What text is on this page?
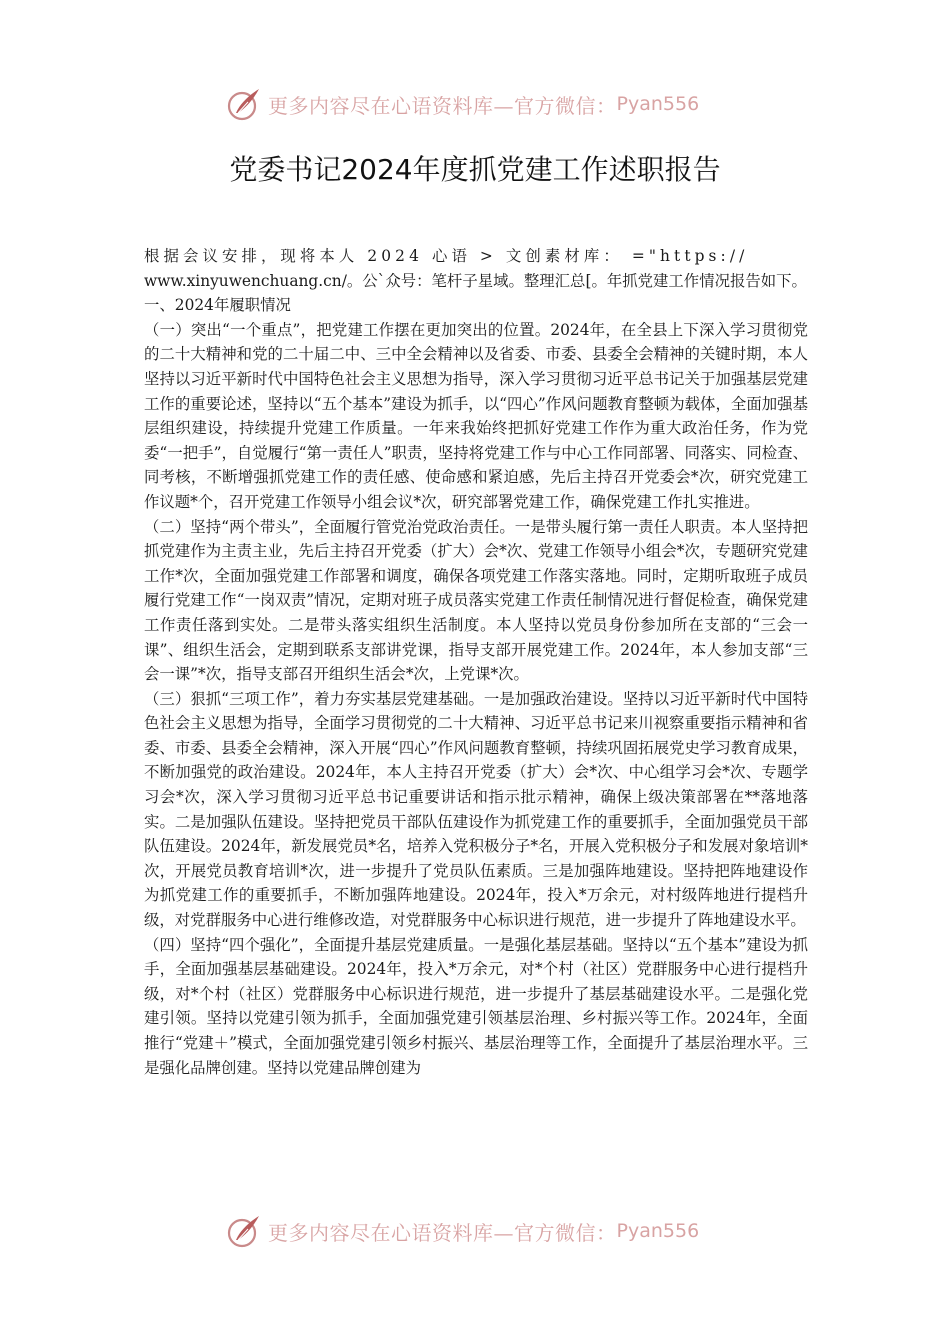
更多内容尽在心语资料库—官方微信： Pyan556
党委书记2024年度抓党建工作述职报告

根据会议安排，现将本人 2024 心语 > 文创素材库： ="https://

www.xinyuwenchuang.cn/。公`众号：笔杆子星域。整理汇总[。年抓党建工作情况报告如下。

一、2024年履职情况

（一）突出“一个重点”，把党建工作摆在更加突出的位置。2024年，在全县上下深入学习贯彻党的二十大精神和党的二十届二中、三中全会精神以及省委、市委、县委全会精神的关键时期，本人坚持以习近平新时代中国特色社会主义思想为指导，深入学习贯彻习近平总书记关于加强基层党建工作的重要论述，坚持以“五个基本”建设为抓手，以“四心”作风问题教育整顿为载体，全面加强基层组织建设，持续提升党建工作质量。一年来我始终把抓好党建工作作为重大政治任务，作为党委“一把手”，自觉履行“第一责任人”职责，坚持将党建工作与中心工作同部署、同落实、同检查、同考核，不断增强抓党建工作的责任感、使命感和紧迫感，先后主持召开党委会*次，研究党建工作议题*个，召开党建工作领导小组会议*次，研究部署党建工作，确保党建工作扎实推进。

（二）坚持“两个带头”，全面履行管党治党政治责任。一是带头履行第一责任人职责。本人坚持把抓党建作为主责主业，先后主持召开党委（扩大）会*次、党建工作领导小组会*次，专题研究党建工作*次，全面加强党建工作部署和调度，确保各项党建工作落实落地。同时，定期听取班子成员履行党建工作“一岗双责”情况，定期对班子成员落实党建工作责任制情况进行督促检查，确保党建工作责任落到实处。二是带头落实组织生活制度。本人坚持以党员身份参加所在支部的“三会一课”、组织生活会，定期到联系支部讲党课，指导支部开展党建工作。2024年，本人参加支部“三会一课”*次，指导支部召开组织生活会*次，上党课*次。

（三）狠抓“三项工作”，着力夯实基层党建基础。一是加强政治建设。坚持以习近平新时代中国特色社会主义思想为指导，全面学习贯彻党的二十大精神、习近平总书记来川视察重要指示精神和省委、市委、县委全会精神，深入开展“四心”作风问题教育整顿，持续巩固拓展党史学习教育成果，不断加强党的政治建设。2024年，本人主持召开党委（扩大）会*次、中心组学习会*次、专题学习会*次，深入学习贯彻习近平总书记重要讲话和指示批示精神，确保上级决策部署在**落地落实。二是加强队伍建设。坚持把党员干部队伍建设作为抓党建工作的重要抓手，全面加强党员干部队伍建设。2024年，新发展党员*名，培养入党积极分子*名，开展入党积极分子和发展对象培训*次，开展党员教育培训*次，进一步提升了党员队伍素质。三是加强阵地建设。坚持把阵地建设作为抓党建工作的重要抓手，不断加强阵地建设。2024年，投入*万余元，对村级阵地进行提档升级，对党群服务中心进行维修改造，对党群服务中心标识进行规范，进一步提升了阵地建设水平。

（四）坚持“四个强化”，全面提升基层党建质量。一是强化基层基础。坚持以“五个基本”建设为抓手，全面加强基层基础建设。2024年，投入*万余元，对*个村（社区）党群服务中心进行提档升级，对*个村（社区）党群服务中心标识进行规范，进一步提升了基层基础建设水平。二是强化党建引领。坚持以党建引领为抓手，全面加强党建引领基层治理、乡村振兴等工作。2024年，全面推行“党建＋”模式，全面加强党建引领乡村振兴、基层治理等工作，全面提升了基层治理水平。三是强化品牌创建。坚持以党建品牌创建为

更多内容尽在心语资料库—官方微信： Pyan556
